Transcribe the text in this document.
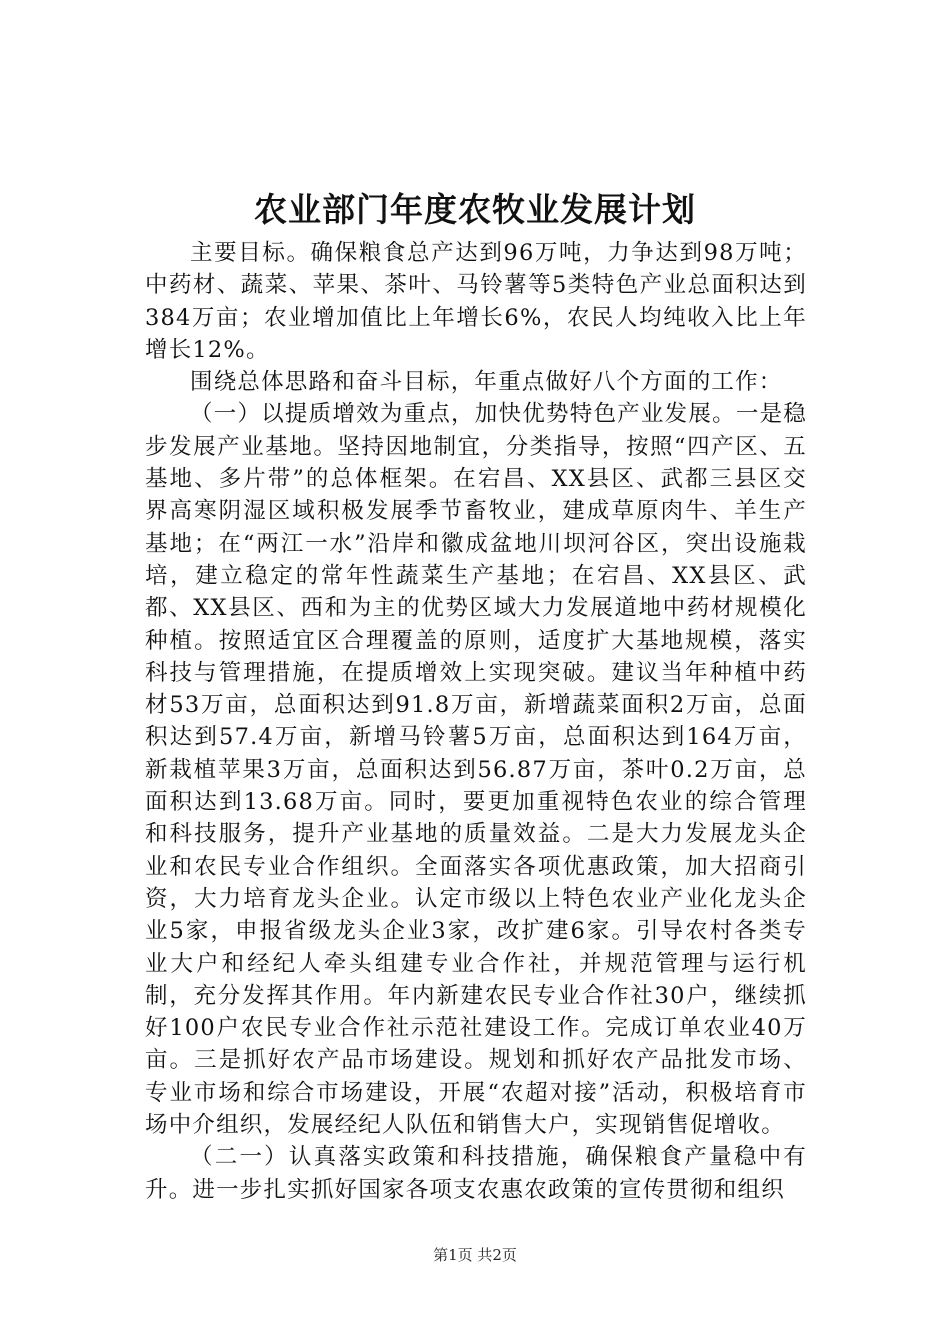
农业部门年度农牧业发展计划

主要目标。确保粮食总产达到96万吨，力争达到98万吨；中药材、蔬菜、苹果、茶叶、马铃薯等5类特色产业总面积达到384万亩；农业增加值比上年增长6%，农民人均纯收入比上年增长12%。

围绕总体思路和奋斗目标，年重点做好八个方面的工作：

（一）以提质增效为重点，加快优势特色产业发展。一是稳步发展产业基地。坚持因地制宜，分类指导，按照“四产区、五基地、多片带”的总体框架。在宕昌、XX县区、武都三县区交界高寒阴湿区域积极发展季节畜牧业，建成草原肉牛、羊生产基地；在“两江一水”沿岸和徽成盆地川坝河谷区，突出设施栽培，建立稳定的常年性蔬菜生产基地；在宕昌、XX县区、武都、XX县区、西和为主的优势区域大力发展道地中药材规模化种植。按照适宜区合理覆盖的原则，适度扩大基地规模，落实科技与管理措施，在提质增效上实现突破。建议当年种植中药材53万亩，总面积达到91.8万亩，新增蔬菜面积2万亩，总面积达到57.4万亩，新增马铃薯5万亩，总面积达到164万亩，新栽植苹果3万亩，总面积达到56.87万亩，茶叶0.2万亩，总面积达到13.68万亩。同时，要更加重视特色农业的综合管理和科技服务，提升产业基地的质量效益。二是大力发展龙头企业和农民专业合作组织。全面落实各项优惠政策，加大招商引资，大力培育龙头企业。认定市级以上特色农业产业化龙头企业5家，申报省级龙头企业3家，改扩建6家。引导农村各类专业大户和经纪人牵头组建专业合作社，并规范管理与运行机制，充分发挥其作用。年内新建农民专业合作社30户，继续抓好100户农民专业合作社示范社建设工作。完成订单农业40万亩。三是抓好农产品市场建设。规划和抓好农产品批发市场、专业市场和综合市场建设，开展“农超对接”活动，积极培育市场中介组织，发展经纪人队伍和销售大户，实现销售促增收。

（二一）认真落实政策和科技措施，确保粮食产量稳中有升。进一步扎实抓好国家各项支农惠农政策的宣传贯彻和组织

第1页 共2页
